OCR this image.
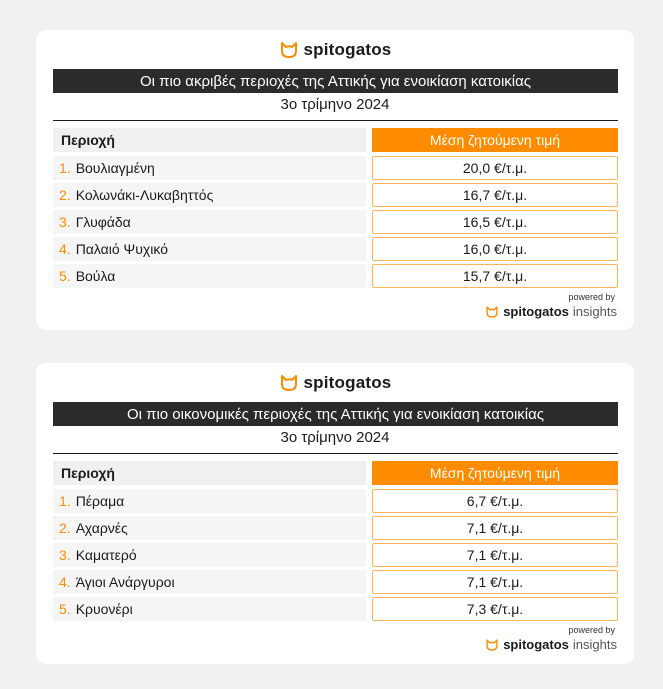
spitogatos
Οι πιο ακριβές περιοχές της Αττικής για ενοικίαση κατοικίας
3ο τρίμηνο 2024
Περιοχή	Μέση ζητούμενη τιμή
1. Βουλιαγμένη	20,0 €/τ.μ.
2. Κολωνάκι-Λυκαβηττός	16,7 €/τ.μ.
3. Γλυφάδα	16,5 €/τ.μ.
4. Παλαιό Ψυχικό	16,0 €/τ.μ.
5. Βούλα	15,7 €/τ.μ.
powered by
spitogatos insights
spitogatos
Οι πιο οικονομικές περιοχές της Αττικής για ενοικίαση κατοικίας
3ο τρίμηνο 2024
Περιοχή	Μέση ζητούμενη τιμή
1. Πέραμα	6,7 €/τ.μ.
2. Αχαρνές	7,1 €/τ.μ.
3. Καματερό	7,1 €/τ.μ.
4. Άγιοι Ανάργυροι	7,1 €/τ.μ.
5. Κρυονέρι	7,3 €/τ.μ.
powered by
spitogatos insights
